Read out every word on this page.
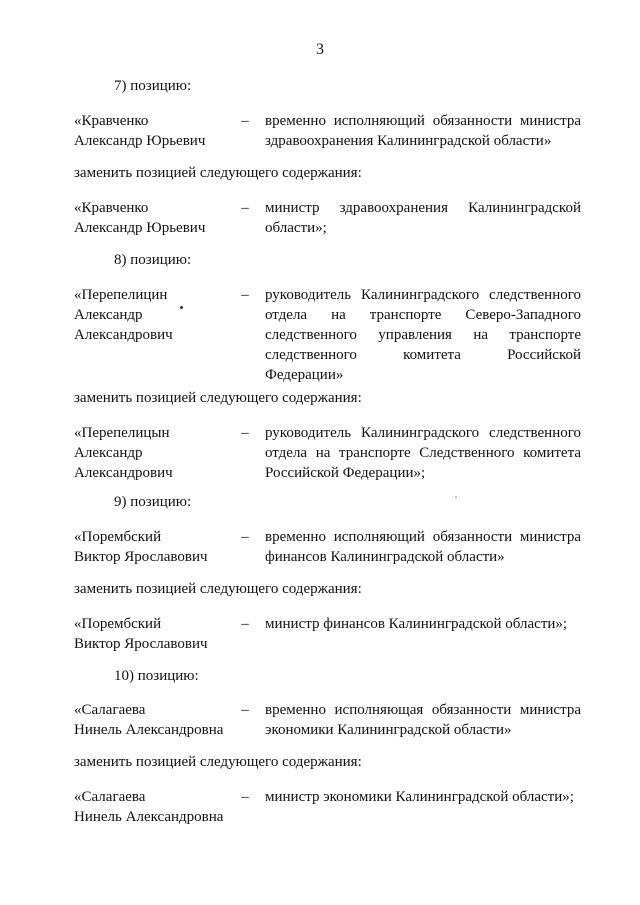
3

7) позицию:

«Кравченко
Александр Юрьевич
– временно исполняющий обязанности министра
здравоохранения Калининградской области»

заменить позицией следующего содержания:

«Кравченко
Александр Юрьевич
– министр здравоохранения Калининградской
области»;

8) позицию:

«Перепелицин
Александр
Александрович
– руководитель Калининградского следственного
отдела на транспорте Северо-Западного
следственного управления на транспорте
следственного комитета Российской
Федерации»

заменить позицией следующего содержания:

«Перепелицын
Александр
Александрович
– руководитель Калининградского следственного
отдела на транспорте Следственного комитета
Российской Федерации»;

9) позицию:

«Порембский
Виктор Ярославович
– временно исполняющий обязанности министра
финансов Калининградской области»

заменить позицией следующего содержания:

«Порембский
Виктор Ярославович
– министр финансов Калининградской области»;

10) позицию:

«Салагаева
Нинель Александровна
– временно исполняющая обязанности министра
экономики Калининградской области»

заменить позицией следующего содержания:

«Салагаева
Нинель Александровна
– министр экономики Калининградской области»;
